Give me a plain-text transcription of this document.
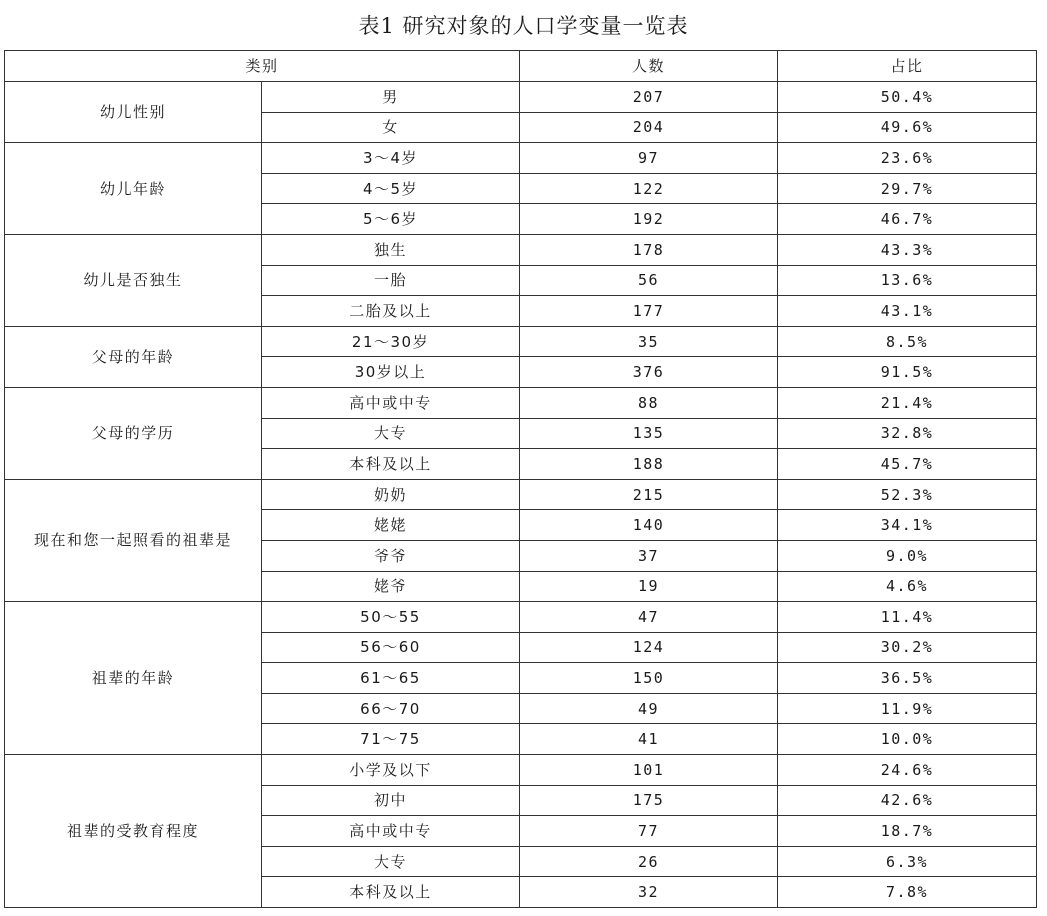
表1 研究对象的人口学变量一览表
类别		人数	占比
幼儿性别	男	207	50.4%
	女	204	49.6%
幼儿年龄	3～4岁	97	23.6%
	4～5岁	122	29.7%
	5～6岁	192	46.7%
幼儿是否独生	独生	178	43.3%
	一胎	56	13.6%
	二胎及以上	177	43.1%
父母的年龄	21～30岁	35	8.5%
	30岁以上	376	91.5%
父母的学历	高中或中专	88	21.4%
	大专	135	32.8%
	本科及以上	188	45.7%
现在和您一起照看的祖辈是	奶奶	215	52.3%
	姥姥	140	34.1%
	爷爷	37	9.0%
	姥爷	19	4.6%
祖辈的年龄	50～55	47	11.4%
	56～60	124	30.2%
	61～65	150	36.5%
	66～70	49	11.9%
	71～75	41	10.0%
祖辈的受教育程度	小学及以下	101	24.6%
	初中	175	42.6%
	高中或中专	77	18.7%
	大专	26	6.3%
	本科及以上	32	7.8%
